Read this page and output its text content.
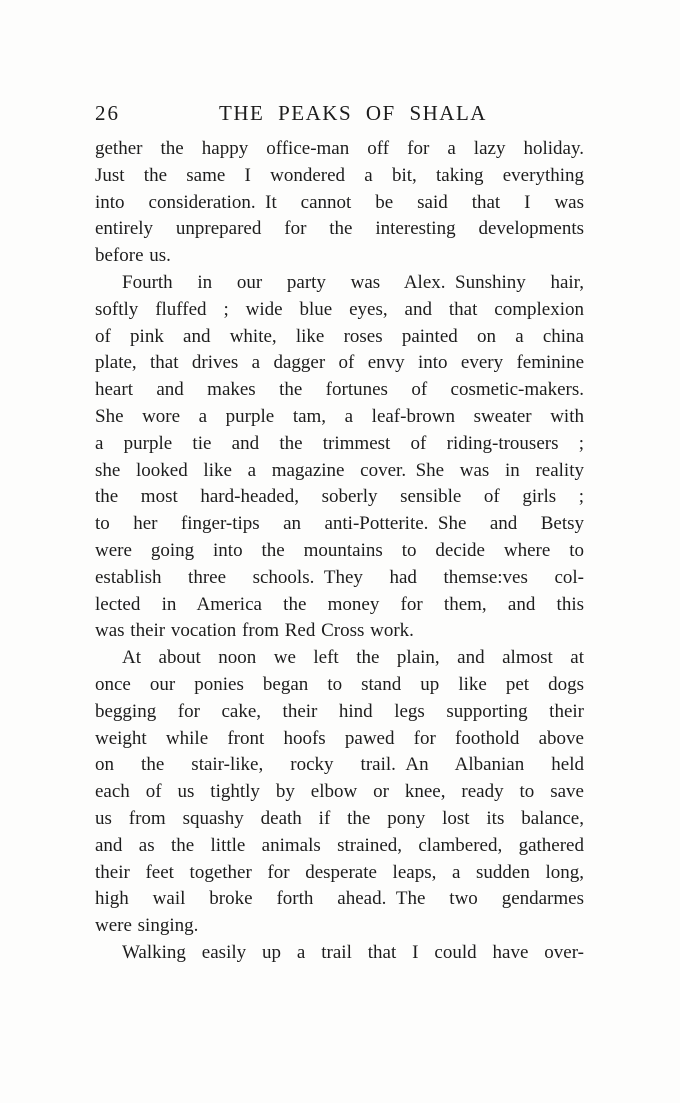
26	THE PEAKS OF SHALA
gether the happy office-man off for a lazy holiday.
Just the same I wondered a bit, taking everything
into consideration. It cannot be said that I was
entirely unprepared for the interesting developments
before us.
Fourth in our party was Alex. Sunshiny hair,
softly fluffed ; wide blue eyes, and that complexion
of pink and white, like roses painted on a china
plate, that drives a dagger of envy into every feminine
heart and makes the fortunes of cosmetic-makers.
She wore a purple tam, a leaf-brown sweater with
a purple tie and the trimmest of riding-trousers ;
she looked like a magazine cover. She was in reality
the most hard-headed, soberly sensible of girls ;
to her finger-tips an anti-Potterite. She and Betsy
were going into the mountains to decide where to
establish three schools. They had themse:ves col-
lected in America the money for them, and this
was their vocation from Red Cross work.
At about noon we left the plain, and almost at
once our ponies began to stand up like pet dogs
begging for cake, their hind legs supporting their
weight while front hoofs pawed for foothold above
on the stair-like, rocky trail. An Albanian held
each of us tightly by elbow or knee, ready to save
us from squashy death if the pony lost its balance,
and as the little animals strained, clambered, gathered
their feet together for desperate leaps, a sudden long,
high wail broke forth ahead. The two gendarmes
were singing.
Walking easily up a trail that I could have over-
